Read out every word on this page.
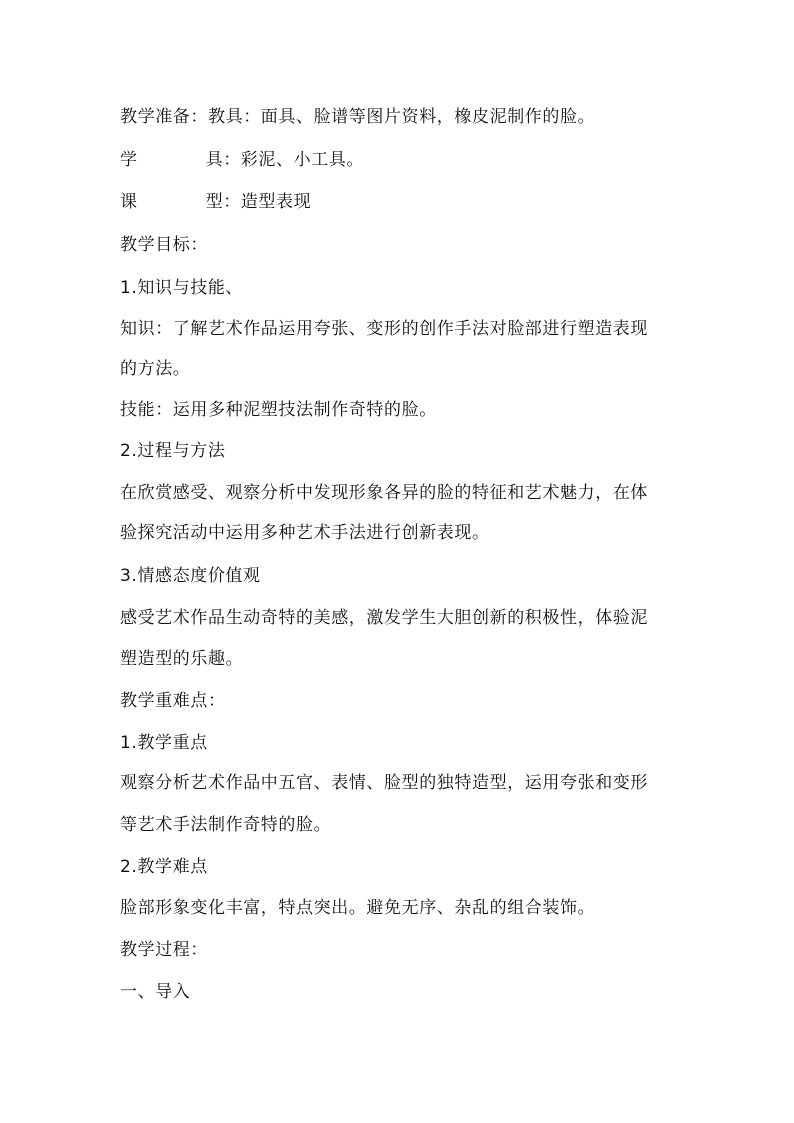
教学准备：教具：面具、脸谱等图片资料，橡皮泥制作的脸。
学	具：彩泥、小工具。
课	型：造型表现
教学目标：
1.知识与技能、
知识：了解艺术作品运用夸张、变形的创作手法对脸部进行塑造表现
的方法。
技能：运用多种泥塑技法制作奇特的脸。
2.过程与方法
在欣赏感受、观察分析中发现形象各异的脸的特征和艺术魅力，在体
验探究活动中运用多种艺术手法进行创新表现。
3.情感态度价值观
感受艺术作品生动奇特的美感，激发学生大胆创新的积极性，体验泥
塑造型的乐趣。
教学重难点：
1.教学重点
观察分析艺术作品中五官、表情、脸型的独特造型，运用夸张和变形
等艺术手法制作奇特的脸。
2.教学难点
脸部形象变化丰富，特点突出。避免无序、杂乱的组合装饰。
教学过程：
一、导入
